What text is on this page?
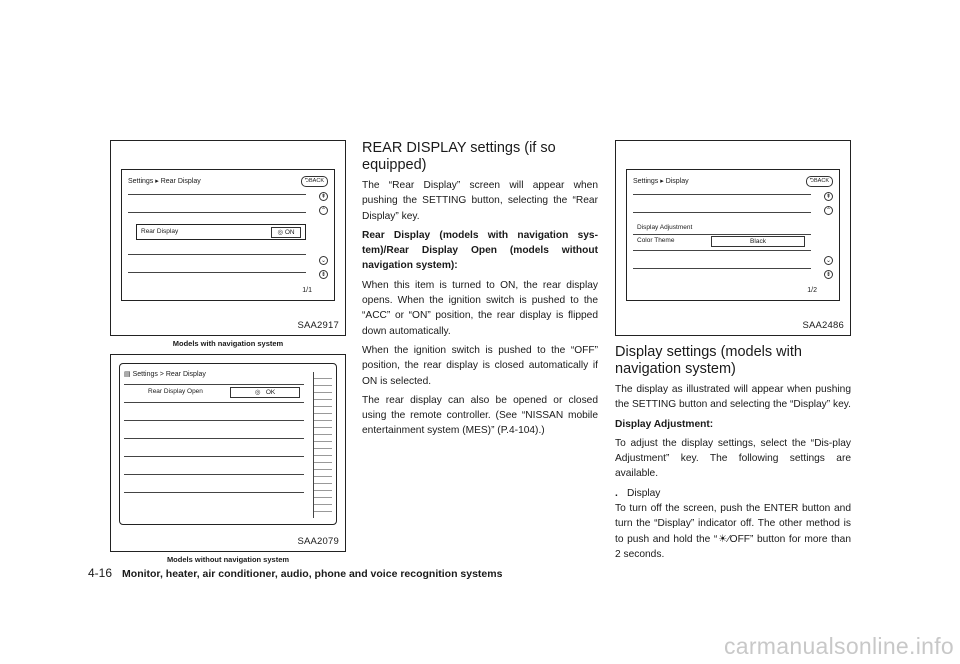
Settings ▸ Rear Display	⮌BACK
Rear Display	◎ ON
⇞
⌃
⌄
⇟
1/1
SAA2917
Models with navigation system
▤ Settings > Rear Display
Rear Display Open	◎   OK
SAA2079
Models without navigation system
REAR DISPLAY settings (if so equipped)

The “Rear Display” screen will appear when pushing the SETTING button, selecting the “Rear Display” key.

Rear Display (models with navigation sys-tem)/Rear Display Open (models without navigation system):

When this item is turned to ON, the rear display opens. When the ignition switch is pushed to the “ACC” or “ON” position, the rear display is flipped down automatically.

When the ignition switch is pushed to the “OFF” position, the rear display is closed automatically if ON is selected.

The rear display can also be opened or closed using the remote controller. (See “NISSAN mobile entertainment system (MES)” (P.4-104).)

Settings ▸ Display	⮌BACK
Display Adjustment
Color Theme	Black
⇞
⌃
⌄
⇟
1/2
SAA2486
Display settings (models with navigation system)

The display as illustrated will appear when pushing the SETTING button and selecting the “Display” key.

Display Adjustment:

To adjust the display settings, select the “Dis-play Adjustment” key. The following settings are available.

. Display

To turn off the screen, push the ENTER button and turn the “Display” indicator off. The other method is to push and hold the “☀⁄OFF” button for more than 2 seconds.

4-16 Monitor, heater, air conditioner, audio, phone and voice recognition systems
carmanualsonline.info
